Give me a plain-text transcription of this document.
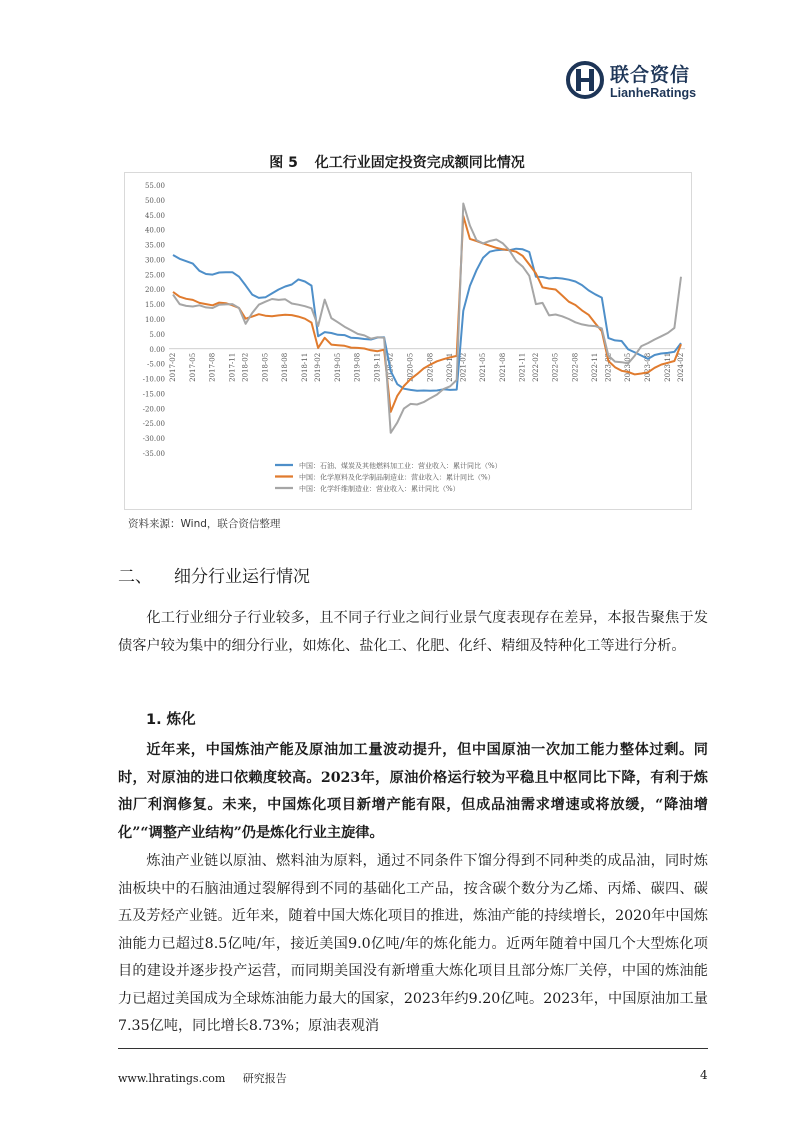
联合资信
LianheRatings
图 5 化工行业固定投资完成额同比情况
55.00
50.00
45.00
40.00
35.00
30.00
25.00
20.00
15.00
10.00
5.00
0.00
-5.00
-10.00
-15.00
-20.00
-25.00
-30.00
-35.00
2017-02 2017-05 2017-08 2017-11 2018-02 2018-05 2018-08 2018-11 2019-02 2019-05 2019-08 2019-11 2020-02 2020-05 2020-08 2020-11 2021-02 2021-05 2021-08 2021-11 2022-02 2022-05 2022-08 2022-11 2023-02 2023-05 2023-08 2023-11 2024-02
中国：石油、煤炭及其他燃料加工业：营业收入：累计同比（%）
中国：化学原料及化学制品制造业：营业收入：累计同比（%）
中国：化学纤维制造业：营业收入：累计同比（%）
资料来源：Wind，联合资信整理
二、 细分行业运行情况
化工行业细分子行业较多，且不同子行业之间行业景气度表现存在差异，本报告聚焦于发债客户较为集中的细分行业，如炼化、盐化工、化肥、化纤、精细及特种化工等进行分析。
1. 炼化
近年来，中国炼油产能及原油加工量波动提升，但中国原油一次加工能力整体过剩。同时，对原油的进口依赖度较高。2023年，原油价格运行较为平稳且中枢同比下降，有利于炼油厂利润修复。未来，中国炼化项目新增产能有限，但成品油需求增速或将放缓，“降油增化”“调整产业结构”仍是炼化行业主旋律。
炼油产业链以原油、燃料油为原料，通过不同条件下馏分得到不同种类的成品油，同时炼油板块中的石脑油通过裂解得到不同的基础化工产品，按含碳个数分为乙烯、丙烯、碳四、碳五及芳烃产业链。近年来，随着中国大炼化项目的推进，炼油产能的持续增长，2020年中国炼油能力已超过8.5亿吨/年，接近美国9.0亿吨/年的炼化能力。近两年随着中国几个大型炼化项目的建设并逐步投产运营，而同期美国没有新增重大炼化项目且部分炼厂关停，中国的炼油能力已超过美国成为全球炼油能力最大的国家，2023年约9.20亿吨。2023年，中国原油加工量7.35亿吨，同比增长8.73%；原油表观消
www.lhratings.com 研究报告	4
